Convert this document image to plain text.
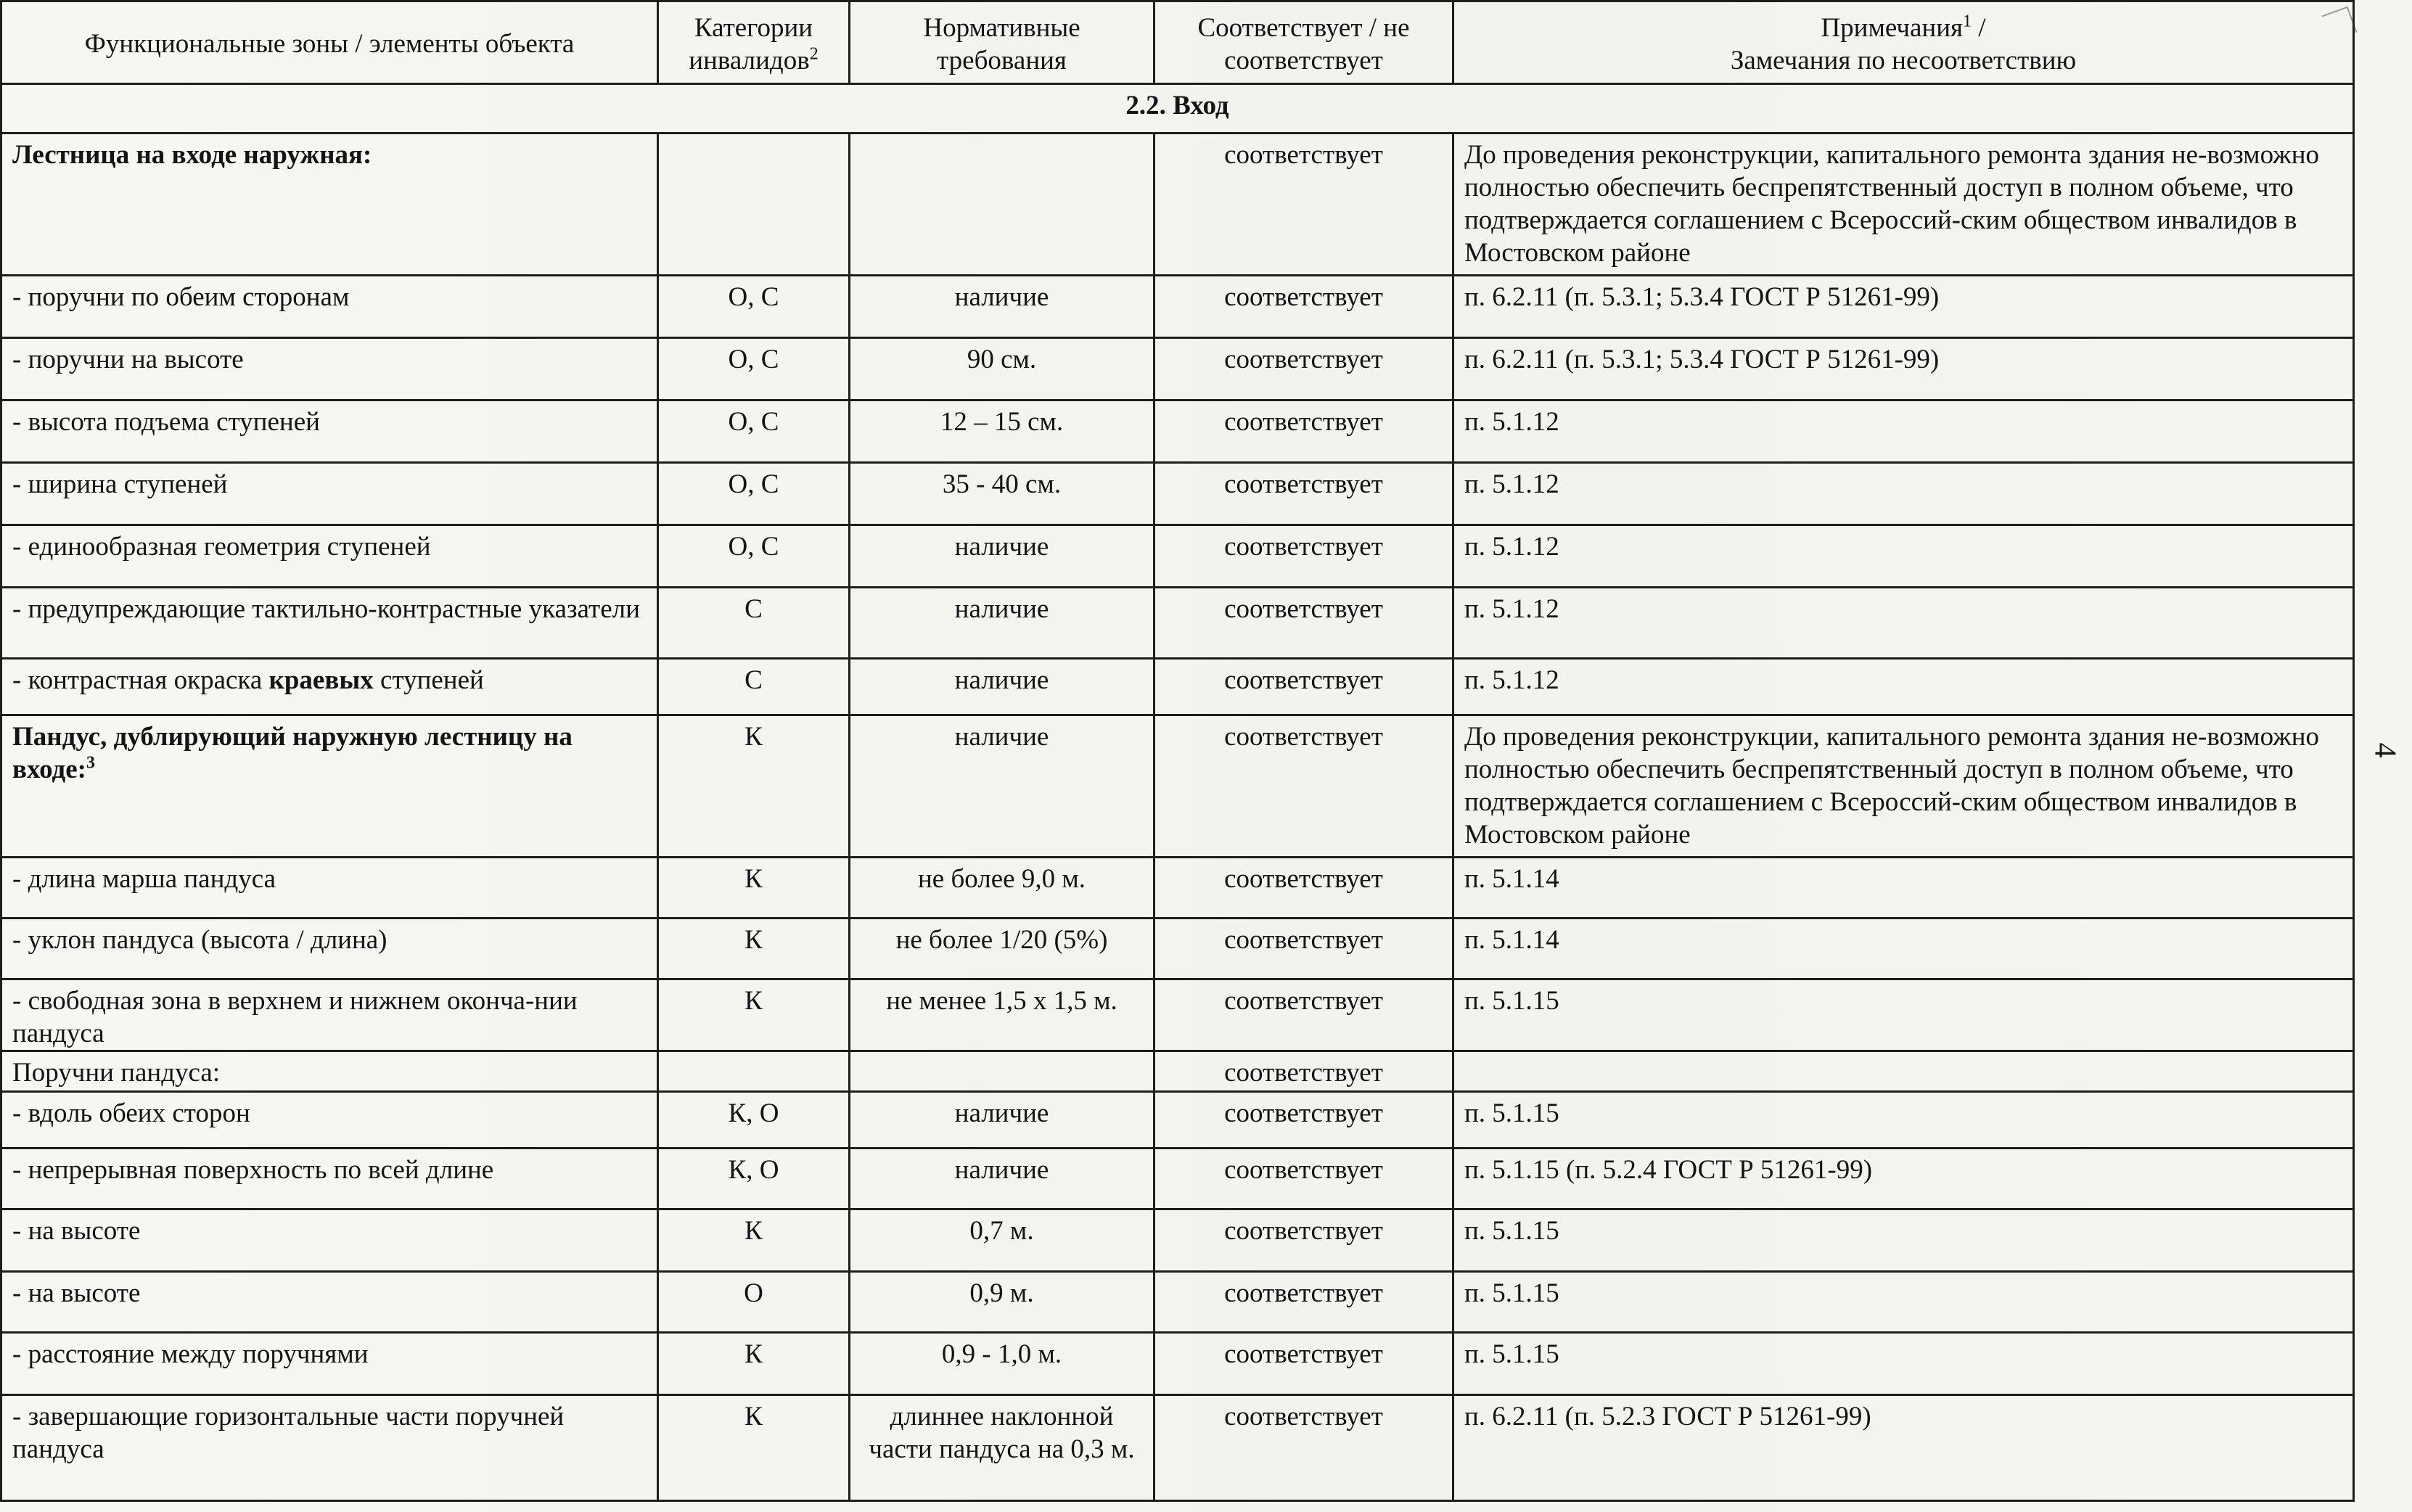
Функциональные зоны / элементы объекта	Категории инвалидов$^2$	Нормативные требования	Соответствует / не соответствует	Примечания$^1$ /
Замечания по несоответствию
2.2. Вход				
Лестница на входе наружная:			соответствует	До проведения реконструкции, капитального ремонта здания не-возможно полностью обеспечить беспрепятственный доступ в полном объеме, что подтверждается соглашением с Всероссий-ским обществом инвалидов в Мостовском районе
- поручни по обеим сторонам	О, С	наличие	соответствует	п. 6.2.11 (п. 5.3.1; 5.3.4 ГОСТ Р 51261-99)
- поручни на высоте	О, С	90 см.	соответствует	п. 6.2.11 (п. 5.3.1; 5.3.4 ГОСТ Р 51261-99)
- высота подъема ступеней	О, С	12 – 15 см.	соответствует	п. 5.1.12
- ширина ступеней	О, С	35 - 40 см.	соответствует	п. 5.1.12
- единообразная геометрия ступеней	О, С	наличие	соответствует	п. 5.1.12
- предупреждающие тактильно-контрастные указатели	С	наличие	соответствует	п. 5.1.12
- контрастная окраска краевых ступеней	С	наличие	соответствует	п. 5.1.12
Пандус, дублирующий наружную лестницу на входе:$^3$	К	наличие	соответствует	До проведения реконструкции, капитального ремонта здания не-возможно полностью обеспечить беспрепятственный доступ в полном объеме, что подтверждается соглашением с Всероссий-ским обществом инвалидов в Мостовском районе
- длина марша пандуса	К	не более 9,0 м.	соответствует	п. 5.1.14
- уклон пандуса (высота / длина)	К	не более 1/20 (5%)	соответствует	п. 5.1.14
- свободная зона в верхнем и нижнем оконча-нии пандуса	К	не менее 1,5 х 1,5 м.	соответствует	п. 5.1.15
Поручни пандуса:			соответствует	
- вдоль обеих сторон	К, О	наличие	соответствует	п. 5.1.15
- непрерывная поверхность по всей длине	К, О	наличие	соответствует	п. 5.1.15 (п. 5.2.4 ГОСТ Р 51261-99)
- на высоте	К	0,7 м.	соответствует	п. 5.1.15
- на высоте	О	0,9 м.	соответствует	п. 5.1.15
- расстояние между поручнями	К	0,9 - 1,0 м.	соответствует	п. 5.1.15
- завершающие горизонтальные части поручней пандуса	К	длиннее наклонной части пандуса на 0,3 м.	соответствует	п. 6.2.11 (п. 5.2.3 ГОСТ Р 51261-99)
4
